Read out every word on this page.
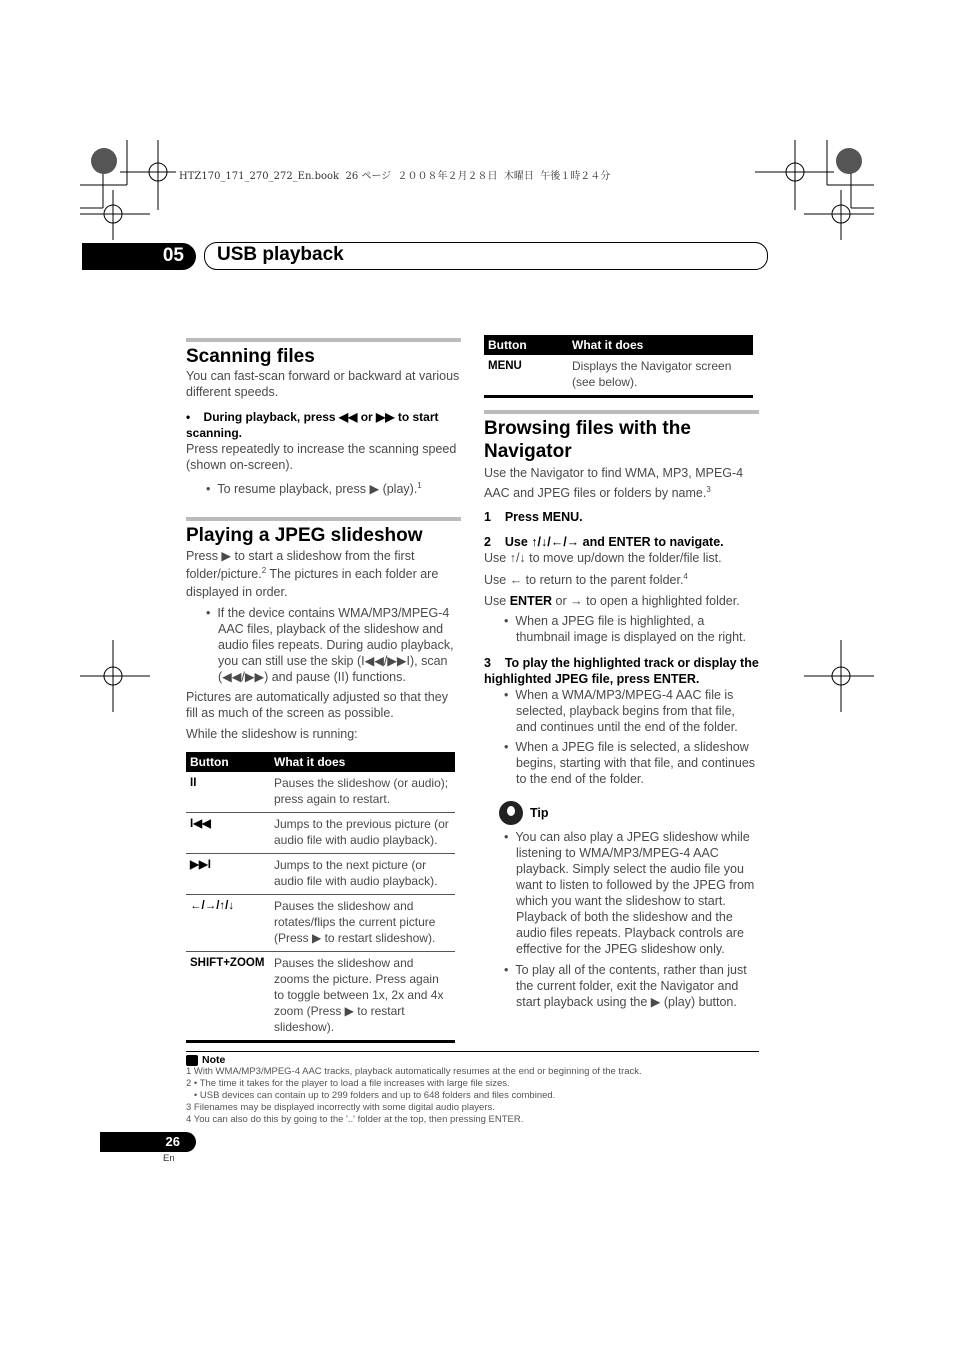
HTZ170_171_270_272_En.book  26 ページ  ２００８年２月２８日  木曜日  午後１時２４分
05 USB playback
Scanning files

You can fast-scan forward or backward at various different speeds.

•    During playback, press ◀◀ or ▶▶ to start scanning.

Press repeatedly to increase the scanning speed (shown on-screen).

•  To resume playback, press ▶ (play).$^1$

Playing a JPEG slideshow

Press ▶ to start a slideshow from the first folder/picture.$^2$ The pictures in each folder are displayed in order.

•  If the device contains WMA/MP3/MPEG-4 AAC files, playback of the slideshow and audio files repeats. During audio playback, you can still use the skip (I◀◀/▶▶I), scan (◀◀/▶▶) and pause (II) functions.

Pictures are automatically adjusted so that they fill as much of the screen as possible.

While the slideshow is running:

Button	What it does
II	Pauses the slideshow (or audio); press again to restart.
I◀◀	Jumps to the previous picture (or audio file with audio playback).
▶▶I	Jumps to the next picture (or audio file with audio playback).
←/→/↑/↓	Pauses the slideshow and rotates/flips the current picture (Press ▶ to restart slideshow).
SHIFT+ZOOM	Pauses the slideshow and zooms the picture. Press again to toggle between 1x, 2x and 4x zoom (Press ▶ to restart slideshow).
Button	What it does
MENU	Displays the Navigator screen (see below).
Browsing files with the Navigator

Use the Navigator to find WMA, MP3, MPEG-4 AAC and JPEG files or folders by name.$^3$

1    Press MENU.

2    Use ↑/↓/←/→ and ENTER to navigate.

Use ↑/↓ to move up/down the folder/file list.

Use ← to return to the parent folder.$^4$

Use ENTER or → to open a highlighted folder.

•  When a JPEG file is highlighted, a thumbnail image is displayed on the right.

3    To play the highlighted track or display the highlighted JPEG file, press ENTER.

•  When a WMA/MP3/MPEG-4 AAC file is selected, playback begins from that file, and continues until the end of the folder.

•  When a JPEG file is selected, a slideshow begins, starting with that file, and continues to the end of the folder.

Tip

•  You can also play a JPEG slideshow while listening to WMA/MP3/MPEG-4 AAC playback. Simply select the audio file you want to listen to followed by the JPEG from which you want the slideshow to start. Playback of both the slideshow and the audio files repeats. Playback controls are effective for the JPEG slideshow only.

•  To play all of the contents, rather than just the current folder, exit the Navigator and start playback using the ▶ (play) button.

Note
1 With WMA/MP3/MPEG-4 AAC tracks, playback automatically resumes at the end or beginning of the track.
2 • The time it takes for the player to load a file increases with large file sizes.
• USB devices can contain up to 299 folders and up to 648 folders and files combined.
3 Filenames may be displayed incorrectly with some digital audio players.
4 You can also do this by going to the '..' folder at the top, then pressing ENTER.
26
En
